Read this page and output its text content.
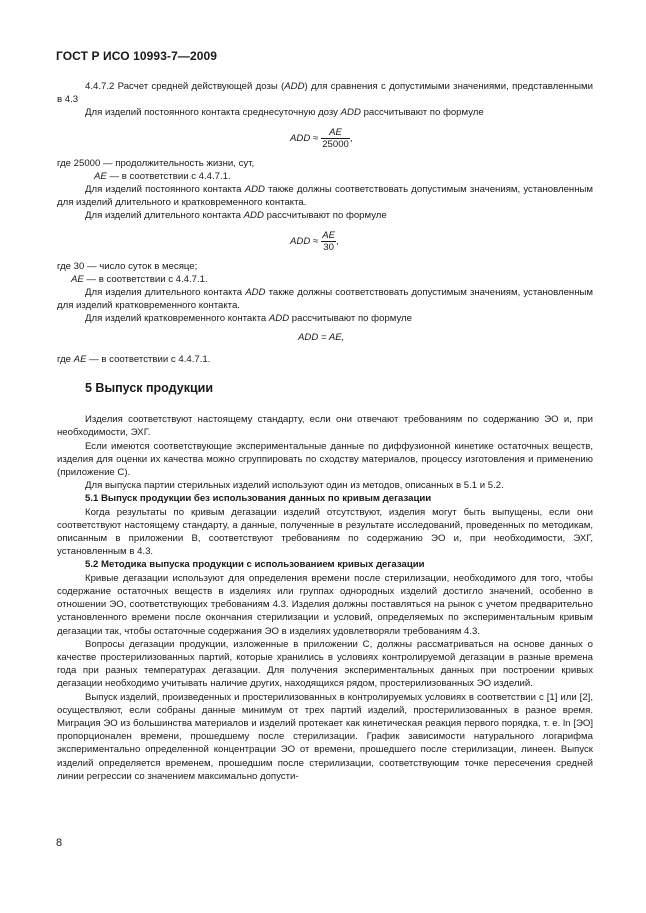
ГОСТ Р ИСО 10993-7—2009

4.4.7.2 Расчет средней действующей дозы (ADD) для сравнения с допустимыми значениями, представленными в 4.3

Для изделий постоянного контакта среднесуточную дозу ADD рассчитывают по формуле

ADD ≈ $\frac{AE}{25000}$ ,

где 25000 — продолжительность жизни, сут,

AE — в соответствии с 4.4.7.1.

Для изделий постоянного контакта ADD также должны соответствовать допустимым значениям, установленным для изделий длительного и кратковременного контакта.

Для изделий длительного контакта ADD рассчитывают по формуле

ADD ≈ $\frac{AE}{30}$ ,

где 30 — число суток в месяце;

AE — в соответствии с 4.4.7.1.

Для изделия длительного контакта ADD также должны соответствовать допустимым значениям, установленным для изделий кратковременного контакта.

Для изделий кратковременного контакта ADD рассчитывают по формуле

ADD = AE,

где AE — в соответствии с 4.4.7.1.

5 Выпуск продукции

Изделия соответствуют настоящему стандарту, если они отвечают требованиям по содержанию ЭО и, при необходимости, ЭХГ.

Если имеются соответствующие экспериментальные данные по диффузионной кинетике остаточных веществ, изделия для оценки их качества можно сгруппировать по сходству материалов, процессу изготовления и применению (приложение С).

Для выпуска партии стерильных изделий используют один из методов, описанных в 5.1 и 5.2.

5.1 Выпуск продукции без использования данных по кривым дегазации

Когда результаты по кривым дегазации изделий отсутствуют, изделия могут быть выпущены, если они соответствуют настоящему стандарту, а данные, полученные в результате исследований, проведенных по методикам, описанным в приложении В, соответствуют требованиям по содержанию ЭО и, при необходимости, ЭХГ, установленным в 4.3.

5.2 Методика выпуска продукции с использованием кривых дегазации

Кривые дегазации используют для определения времени после стерилизации, необходимого для того, чтобы содержание остаточных веществ в изделиях или группах однородных изделий достигло значений, особенно в отношении ЭО, соответствующих требованиям 4.3. Изделия должны поставляться на рынок с учетом предварительно установленного времени после окончания стерилизации и условий, определяемых по экспериментальным кривым дегазации так, чтобы остаточные содержания ЭО в изделиях удовлетворяли требованиям 4.3.

Вопросы дегазации продукции, изложенные в приложении С, должны рассматриваться на основе данных о качестве простерилизованных партий, которые хранились в условиях контролируемой дегазации в разные времена года при разных температурах дегазации. Для получения экспериментальных данных при построении кривых дегазации необходимо учитывать наличие других, находящихся рядом, простерилизованных ЭО изделий.

Выпуск изделий, произведенных и простерилизованных в контролируемых условиях в соответствии с [1] или [2], осуществляют, если собраны данные минимум от трех партий изделий, простерилизованных в разное время. Миграция ЭО из большинства материалов и изделий протекает как кинетическая реакция первого порядка, т. е. ln [ЭО] пропорционален времени, прошедшему после стерилизации. График зависимости натурального логарифма экспериментально определенной концентрации ЭО от времени, прошедшего после стерилизации, линеен. Выпуск изделий определяется временем, прошедшим после стерилизации, соответствующим точке пересечения средней линии регрессии со значением максимально допусти-

8
